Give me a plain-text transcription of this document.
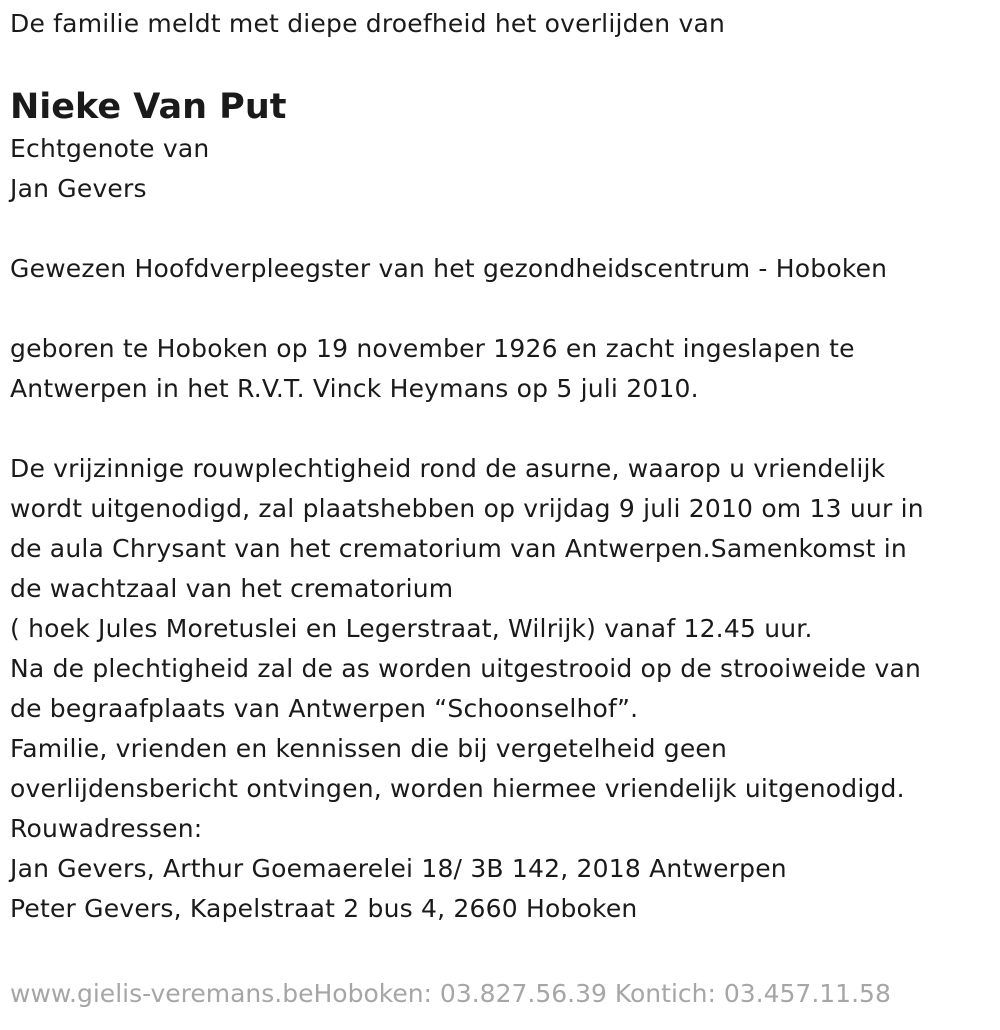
De familie meldt met diepe droefheid het overlijden van
Nieke Van Put
Echtgenote van
Jan Gevers
Gewezen Hoofdverpleegster van het gezondheidscentrum - Hoboken
geboren te Hoboken op 19 november 1926 en zacht ingeslapen te
Antwerpen in het R.V.T. Vinck Heymans op 5 juli 2010.
De vrijzinnige rouwplechtigheid rond de asurne, waarop u vriendelijk
wordt uitgenodigd, zal plaatshebben op vrijdag 9 juli 2010 om 13 uur in
de aula Chrysant van het crematorium van Antwerpen.Samenkomst in
de wachtzaal van het crematorium
( hoek Jules Moretuslei en Legerstraat, Wilrijk) vanaf 12.45 uur.
Na de plechtigheid zal de as worden uitgestrooid op de strooiweide van
de begraafplaats van Antwerpen “Schoonselhof”.
Familie, vrienden en kennissen die bij vergetelheid geen
overlijdensbericht ontvingen, worden hiermee vriendelijk uitgenodigd.
Rouwadressen:
Jan Gevers, Arthur Goemaerelei 18/ 3B 142, 2018 Antwerpen
Peter Gevers, Kapelstraat 2 bus 4, 2660 Hoboken
www.gielis-veremans.beHoboken: 03.827.56.39 Kontich: 03.457.11.58
